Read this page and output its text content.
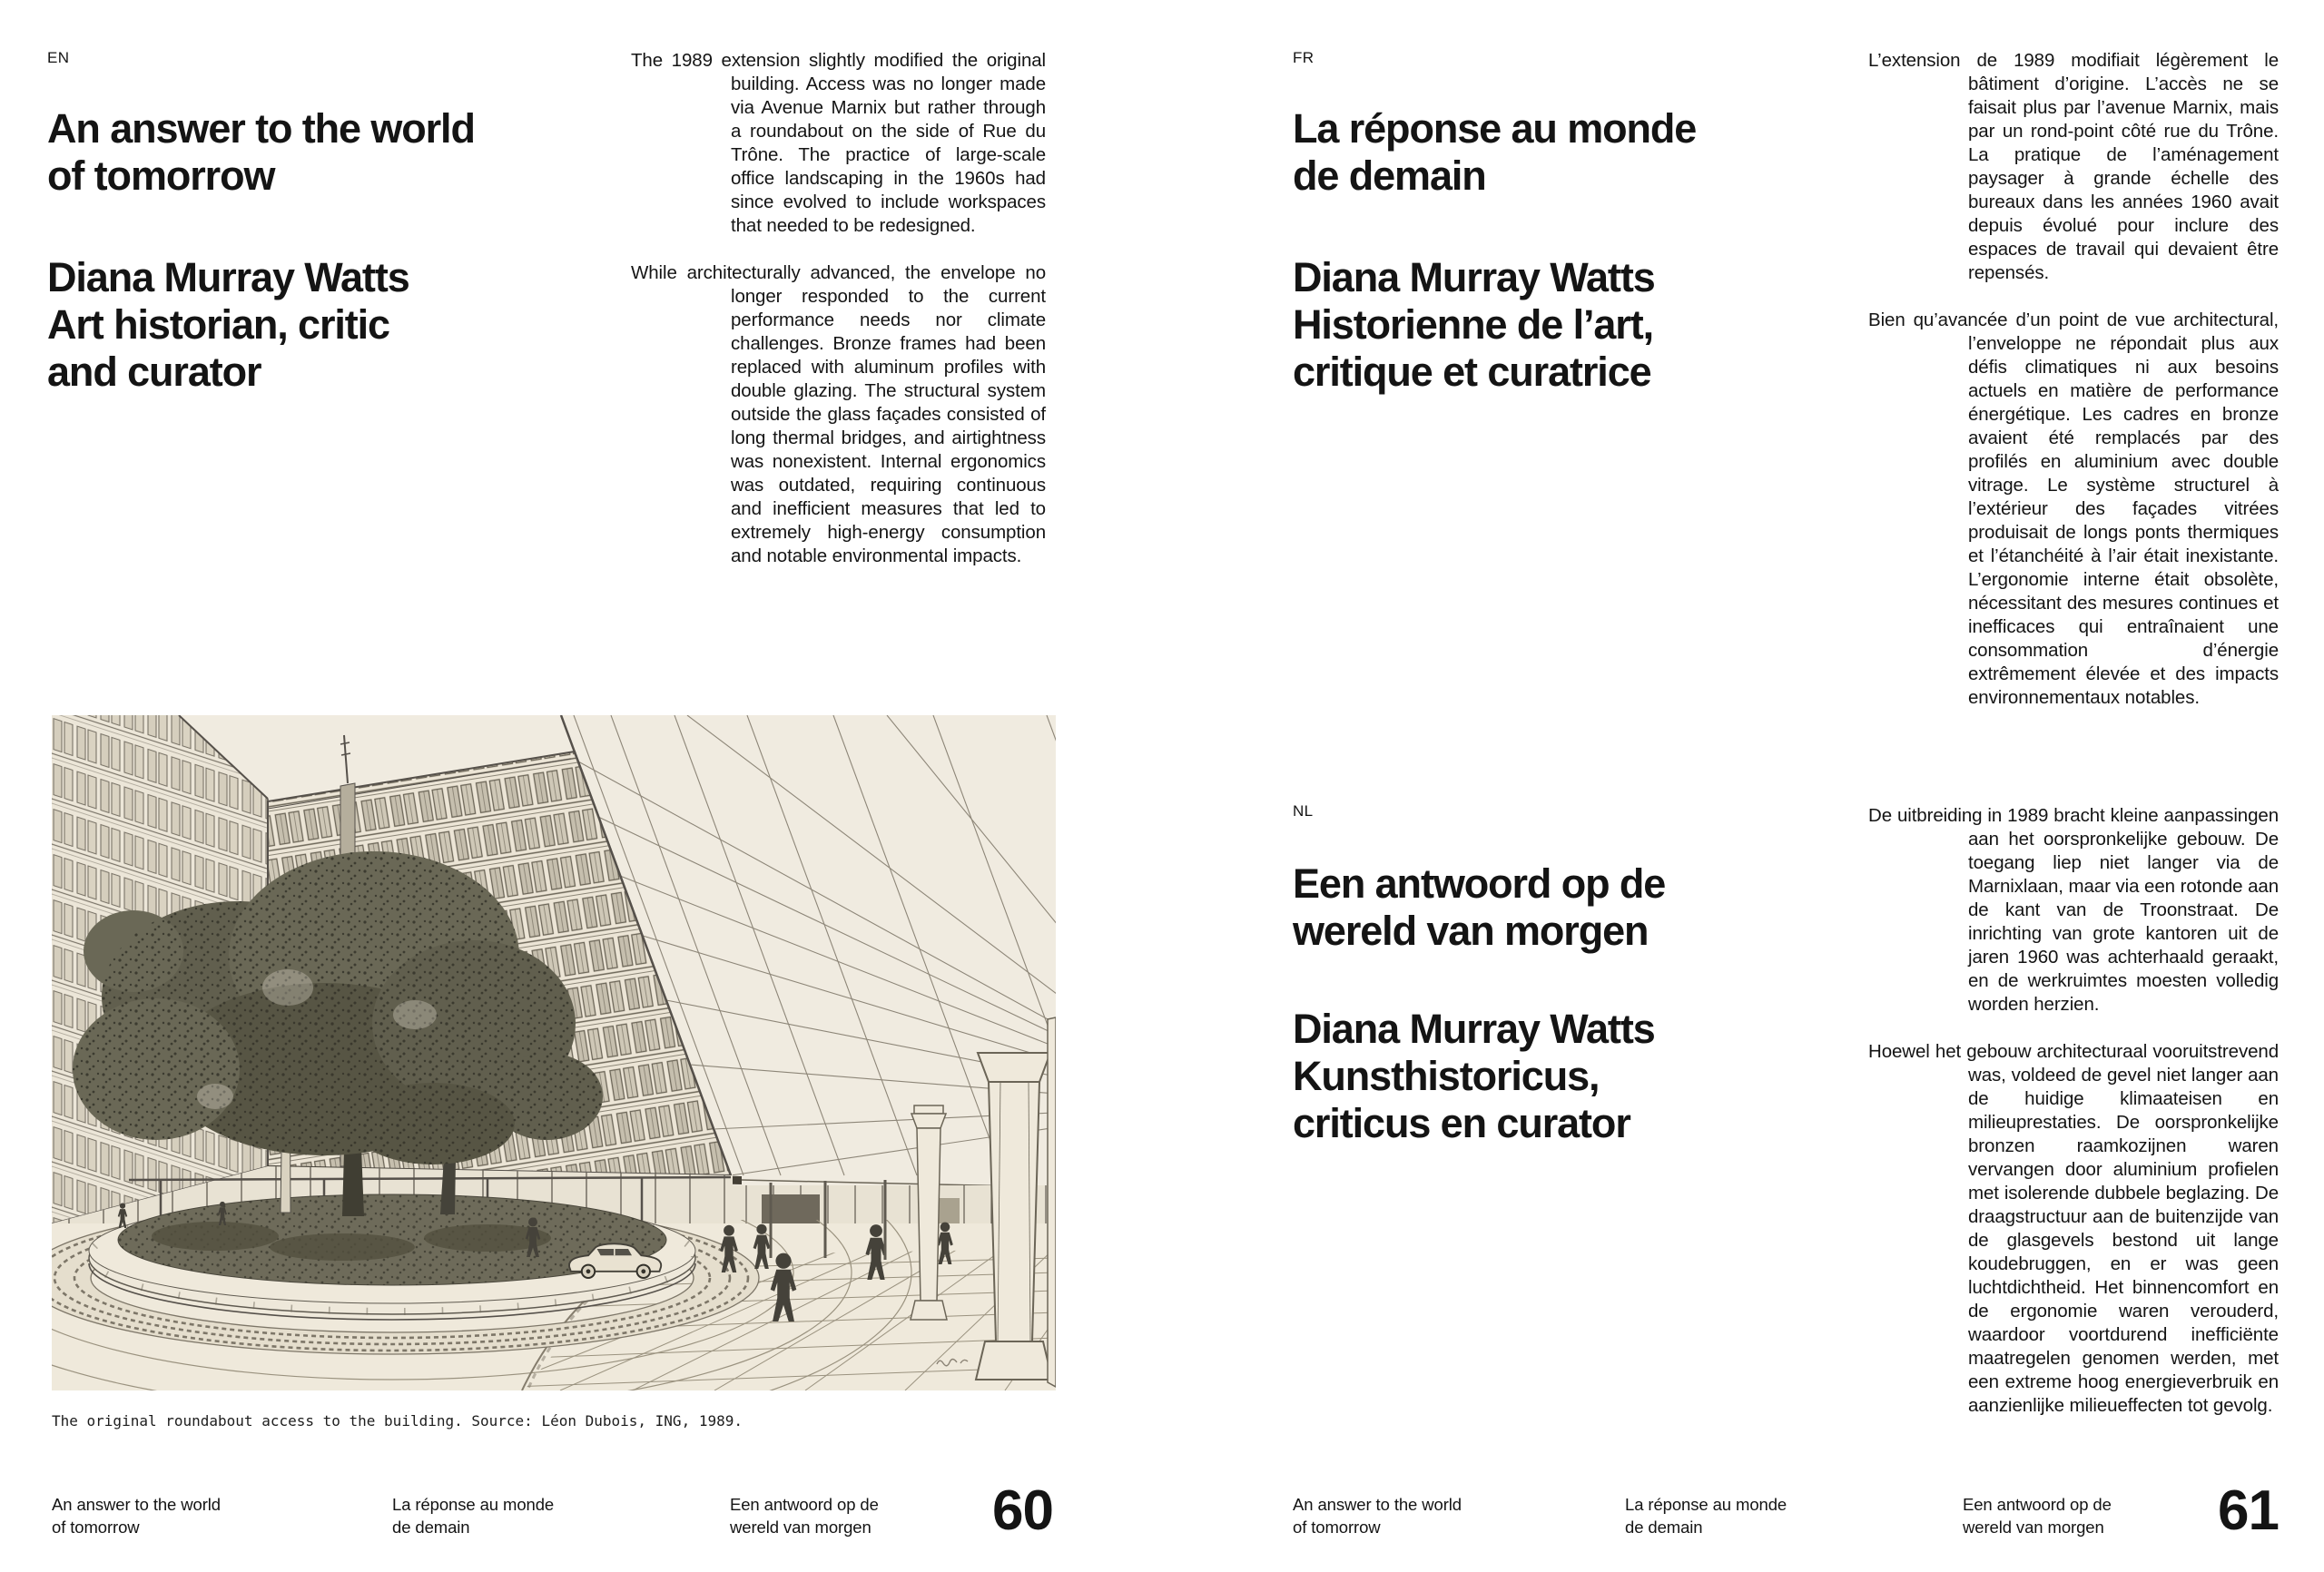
EN
An answer to the world
of tomorrow
Diana Murray Watts
Art historian, critic
and curator

The 1989 extension slightly modified the original building. Access was no longer made via Avenue Marnix but rather through a roundabout on the side of Rue du Trône. The practice of large-scale office landscaping in the 1960s had since evolved to include workspaces that needed to be redesigned.

While architecturally advanced, the envelope no longer responded to the current performance needs nor climate challenges. Bronze frames had been replaced with aluminum profiles with double glazing. The structural system outside the glass façades consisted of long thermal bridges, and airtightness was nonexistent. Internal ergonomics was outdated, requiring continuous and inefficient measures that led to extremely high-energy consumption and notable environmental impacts.

The original roundabout access to the building. Source: Léon Dubois, ING, 1989.
An answer to the world
of tomorrow
La réponse au monde
de demain
Een antwoord op de
wereld van morgen	60
FR
La réponse au monde
de demain
Diana Murray Watts
Historienne de l’art,
critique et curatrice

L’extension de 1989 modifiait légèrement le bâtiment d’origine. L’accès ne se faisait plus par l’avenue Marnix, mais par un rond-point côté rue du Trône. La pratique de l’aménagement paysager à grande échelle des bureaux dans les années 1960 avait depuis évolué pour inclure des espaces de travail qui devaient être repensés.

Bien qu’avancée d’un point de vue architectural, l’enveloppe ne répondait plus aux défis climatiques ni aux besoins actuels en matière de performance énergétique. Les cadres en bronze avaient été remplacés par des profilés en aluminium avec double vitrage. Le système structurel à l’extérieur des façades vitrées produisait de longs ponts thermiques et l’étanchéité à l’air était inexistante. L’ergonomie interne était obsolète, nécessitant des mesures continues et inefficaces qui entraînaient une consommation d’énergie extrêmement élevée et des impacts environnementaux notables.

NL
Een antwoord op de
wereld van morgen
Diana Murray Watts
Kunsthistoricus,
criticus en curator

De uitbreiding in 1989 bracht kleine aanpassingen aan het oorspronkelijke gebouw. De toegang liep niet langer via de Marnixlaan, maar via een rotonde aan de kant van de Troonstraat. De inrichting van grote kantoren uit de jaren 1960 was achterhaald geraakt, en de werkruimtes moesten volledig worden herzien.

Hoewel het gebouw architecturaal vooruitstrevend was, voldeed de gevel niet langer aan de huidige klimaateisen en milieuprestaties. De oorspronkelijke bronzen raamkozijnen waren vervangen door aluminium profielen met isolerende dubbele beglazing. De draagstructuur aan de buitenzijde van de glasgevels bestond uit lange koudebruggen, en er was geen luchtdichtheid. Het binnencomfort en de ergonomie waren verouderd, waardoor voortdurend inefficiënte maatregelen genomen werden, met een extreme hoog energieverbruik en aanzienlijke milieueffecten tot gevolg.

An answer to the world
of tomorrow
La réponse au monde
de demain
Een antwoord op de
wereld van morgen	61
